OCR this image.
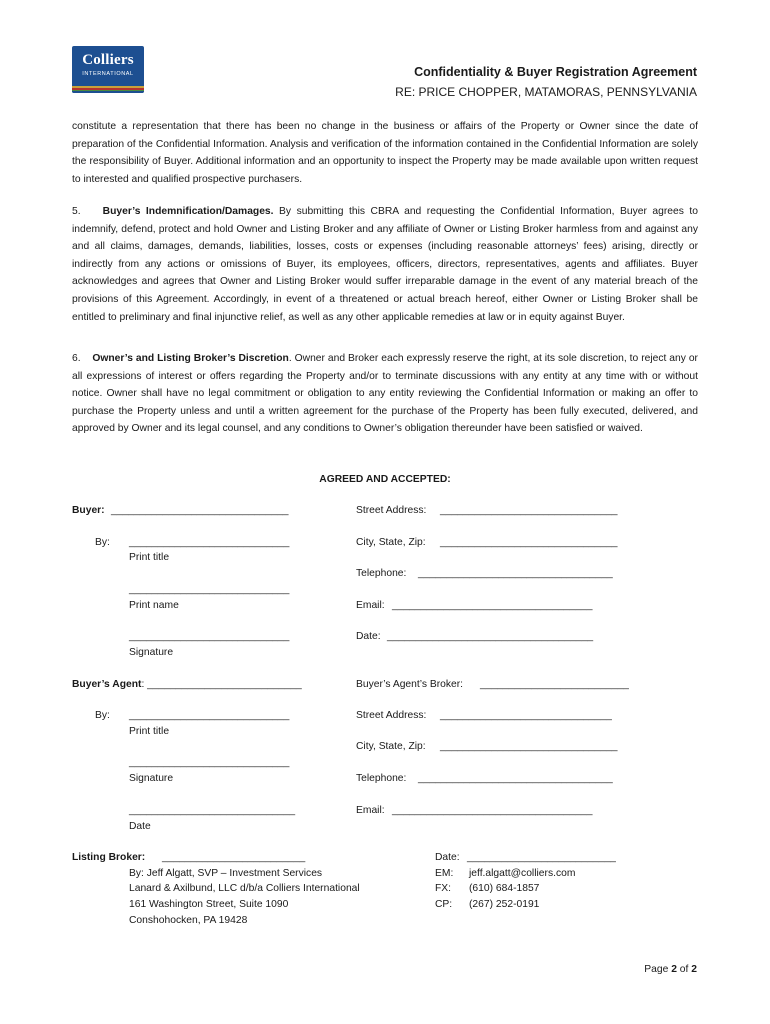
Colliers
INTERNATIONAL	Confidentiality & Buyer Registration Agreement
RE: PRICE CHOPPER, MATAMORAS, PENNSYLVANIA
constitute a representation that there has been no change in the business or affairs of the Property or Owner since the date of preparation of the Confidential Information. Analysis and verification of the information contained in the Confidential Information are solely the responsibility of Buyer. Additional information and an opportunity to inspect the Property may be made available upon written request to interested and qualified prospective purchasers.
5. Buyer’s Indemnification/Damages. By submitting this CBRA and requesting the Confidential Information, Buyer agrees to indemnify, defend, protect and hold Owner and Listing Broker and any affiliate of Owner or Listing Broker harmless from and against any and all claims, damages, demands, liabilities, losses, costs or expenses (including reasonable attorneys’ fees) arising, directly or indirectly from any actions or omissions of Buyer, its employees, officers, directors, representatives, agents and affiliates. Buyer acknowledges and agrees that Owner and Listing Broker would suffer irreparable damage in the event of any material breach of the provisions of this Agreement. Accordingly, in event of a threatened or actual breach hereof, either Owner or Listing Broker shall be entitled to preliminary and final injunctive relief, as well as any other applicable remedies at law or in equity against Buyer.
6. Owner’s and Listing Broker’s Discretion. Owner and Broker each expressly reserve the right, at its sole discretion, to reject any or all expressions of interest or offers regarding the Property and/or to terminate discussions with any entity at any time with or without notice. Owner shall have no legal commitment or obligation to any entity reviewing the Confidential Information or making an offer to purchase the Property unless and until a written agreement for the purchase of the Property has been fully executed, delivered, and approved by Owner and its legal counsel, and any conditions to Owner’s obligation thereunder have been satisfied or waived.
AGREED AND ACCEPTED:
Buyer: _______________________________
By: ____________________________
Print title
____________________________
Print name
____________________________
Signature
Street Address: _______________________________
City, State, Zip: _______________________________
Telephone: __________________________________
Email: ___________________________________
Date: ____________________________________
Buyer’s Agent: ___________________________
By: ____________________________
Print title
____________________________
Signature
_____________________________
Date
Buyer’s Agent’s Broker: __________________________
Street Address: ______________________________
City, State, Zip: _______________________________
Telephone: __________________________________
Email: ___________________________________
Listing Broker: _________________________
By: Jeff Algatt, SVP – Investment Services
Lanard & Axilbund, LLC d/b/a Colliers International
161 Washington Street, Suite 1090
Conshohocken, PA 19428
Date: __________________________
EM: jeff.algatt@colliers.com
FX: (610) 684-1857
CP: (267) 252-0191
Page 2 of 2
